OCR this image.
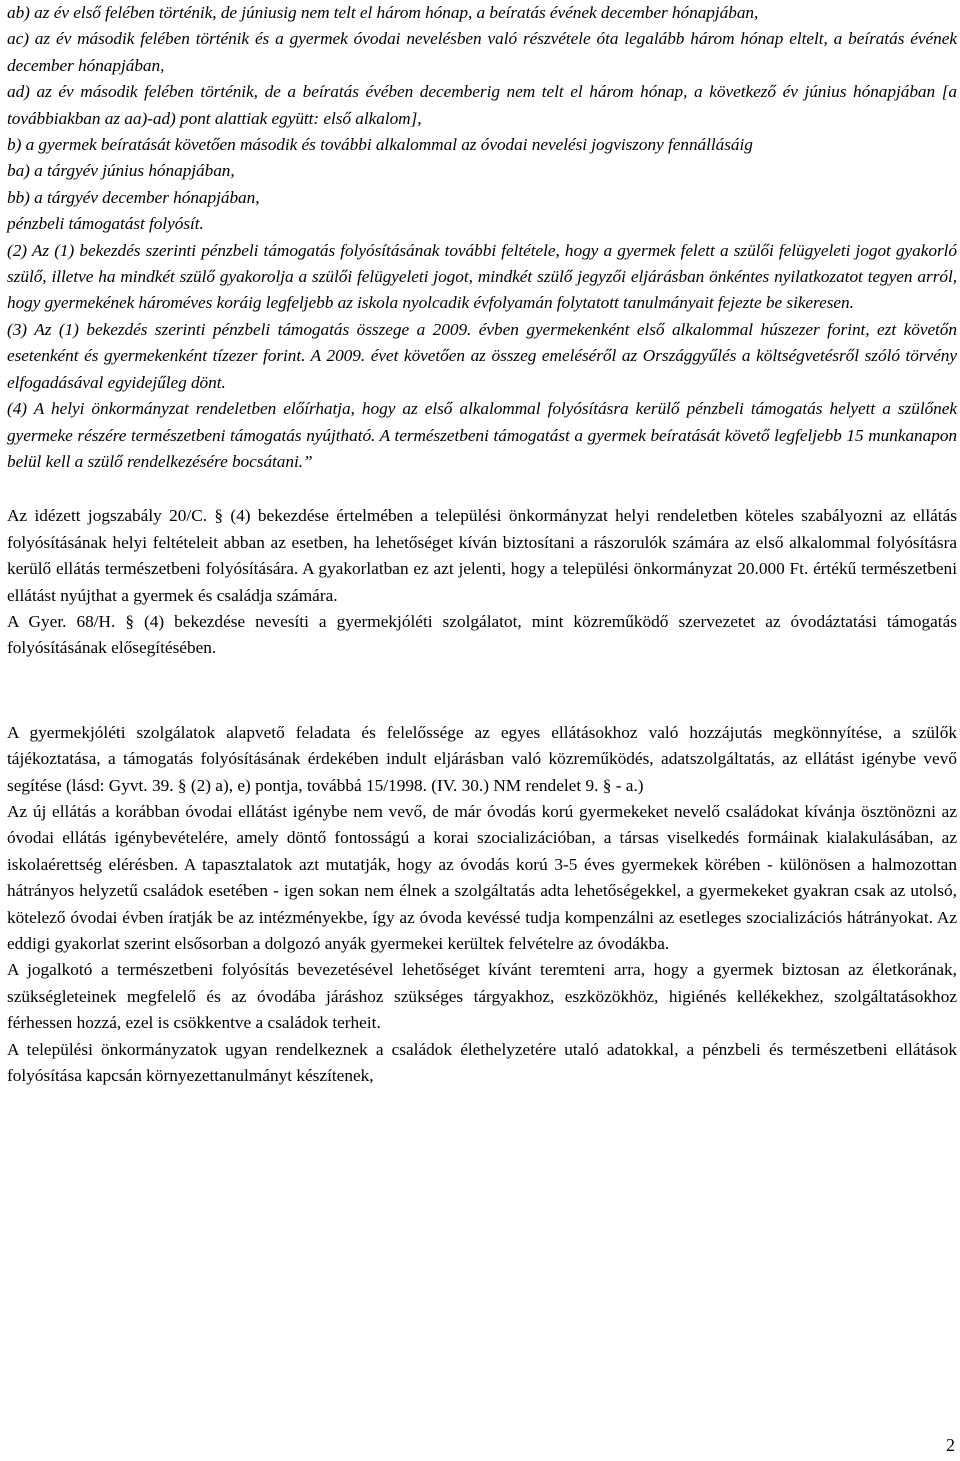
ab) az év első felében történik, de júniusig nem telt el három hónap, a beíratás évének december hónapjában,

ac) az év második felében történik és a gyermek óvodai nevelésben való részvétele óta legalább három hónap eltelt, a beíratás évének december hónapjában,

ad) az év második felében történik, de a beíratás évében decemberig nem telt el három hónap, a következő év június hónapjában [a továbbiakban az aa)-ad) pont alattiak együtt: első alkalom],

b) a gyermek beíratását követően második és további alkalommal az óvodai nevelési jogviszony fennállásáig

ba) a tárgyév június hónapjában,

bb) a tárgyév december hónapjában,

pénzbeli támogatást folyósít.

(2) Az (1) bekezdés szerinti pénzbeli támogatás folyósításának további feltétele, hogy a gyermek felett a szülői felügyeleti jogot gyakorló szülő, illetve ha mindkét szülő gyakorolja a szülői felügyeleti jogot, mindkét szülő jegyzői eljárásban önkéntes nyilatkozatot tegyen arról, hogy gyermekének hároméves koráig legfeljebb az iskola nyolcadik évfolyamán folytatott tanulmányait fejezte be sikeresen.

(3) Az (1) bekezdés szerinti pénzbeli támogatás összege a 2009. évben gyermekenként első alkalommal húszezer forint, ezt követőn esetenként és gyermekenként tízezer forint. A 2009. évet követően az összeg emeléséről az Országgyűlés a költségvetésről szóló törvény elfogadásával egyidejűleg dönt.

(4) A helyi önkormányzat rendeletben előírhatja, hogy az első alkalommal folyósításra kerülő pénzbeli támogatás helyett a szülőnek gyermeke részére természetbeni támogatás nyújtható. A természetbeni támogatást a gyermek beíratását követő legfeljebb 15 munkanapon belül kell a szülő rendelkezésére bocsátani.”

Az idézett jogszabály 20/C. § (4) bekezdése értelmében a települési önkormányzat helyi rendeletben köteles szabályozni az ellátás folyósításának helyi feltételeit abban az esetben, ha lehetőséget kíván biztosítani a rászorulók számára az első alkalommal folyósításra kerülő ellátás természetbeni folyósítására. A gyakorlatban ez azt jelenti, hogy a települési önkormányzat 20.000 Ft. értékű természetbeni ellátást nyújthat a gyermek és családja számára.

A Gyer. 68/H. § (4) bekezdése nevesíti a gyermekjóléti szolgálatot, mint közreműködő szervezetet az óvodáztatási támogatás folyósításának elősegítésében.

A gyermekjóléti szolgálatok alapvető feladata és felelőssége az egyes ellátásokhoz való hozzájutás megkönnyítése, a szülők tájékoztatása, a támogatás folyósításának érdekében indult eljárásban való közreműködés, adatszolgáltatás, az ellátást igénybe vevő segítése (lásd: Gyvt. 39. § (2) a), e) pontja, továbbá 15/1998. (IV. 30.) NM rendelet 9. § - a.)

Az új ellátás a korábban óvodai ellátást igénybe nem vevő, de már óvodás korú gyermekeket nevelő családokat kívánja ösztönözni az óvodai ellátás igénybevételére, amely döntő fontosságú a korai szocializációban, a társas viselkedés formáinak kialakulásában, az iskolaérettség elérésben. A tapasztalatok azt mutatják, hogy az óvodás korú 3-5 éves gyermekek körében - különösen a halmozottan hátrányos helyzetű családok esetében - igen sokan nem élnek a szolgáltatás adta lehetőségekkel, a gyermekeket gyakran csak az utolsó, kötelező óvodai évben íratják be az intézményekbe, így az óvoda kevéssé tudja kompenzálni az esetleges szocializációs hátrányokat. Az eddigi gyakorlat szerint elsősorban a dolgozó anyák gyermekei kerültek felvételre az óvodákba.

A jogalkotó a természetbeni folyósítás bevezetésével lehetőséget kívánt teremteni arra, hogy a gyermek biztosan az életkorának, szükségleteinek megfelelő és az óvodába járáshoz szükséges tárgyakhoz, eszközökhöz, higiénés kellékekhez, szolgáltatásokhoz férhessen hozzá, ezel is csökkentve a családok terheit.

A települési önkormányzatok ugyan rendelkeznek a családok élethelyzetére utaló adatokkal, a pénzbeli és természetbeni ellátások folyósítása kapcsán környezettanulmányt készítenek,

2
